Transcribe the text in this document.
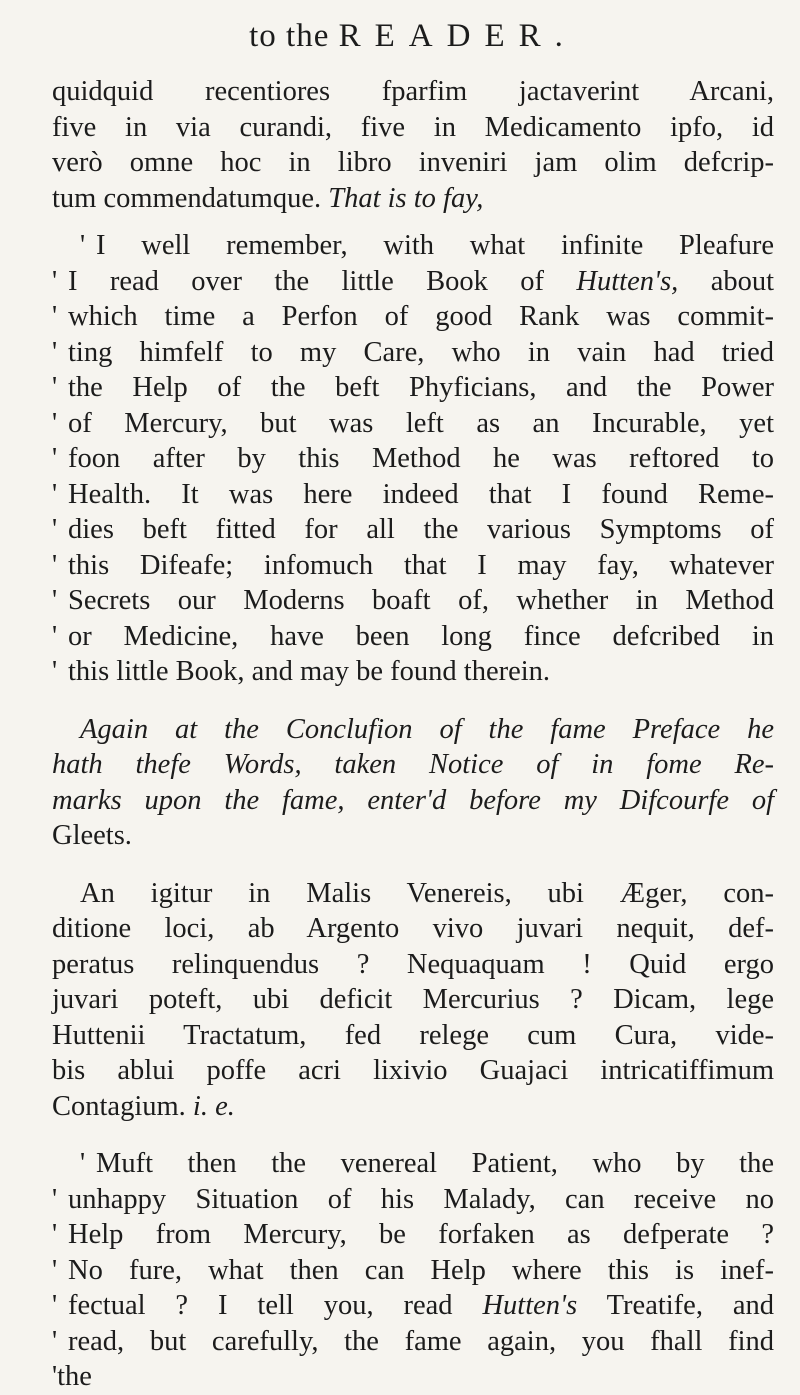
to the READER.
quidquid recentiores fparfim jactaverint Arcani,
five in via curandi, five in Medicamento ipfo, id
verò omne hoc in libro inveniri jam olim defcrip-
tum commendatumque. That is to fay,
' I well remember, with what infinite Pleafure
' I read over the little Book of Hutten's, about
' which time a Perfon of good Rank was commit-
' ting himfelf to my Care, who in vain had tried
' the Help of the beft Phyficians, and the Power
' of Mercury, but was left as an Incurable, yet
' foon after by this Method he was reftored to
' Health. It was here indeed that I found Reme-
' dies beft fitted for all the various Symptoms of
' this Difeafe; infomuch that I may fay, whatever
' Secrets our Moderns boaft of, whether in Method
' or Medicine, have been long fince defcribed in
' this little Book, and may be found therein.
Again at the Conclufion of the fame Preface he
hath thefe Words, taken Notice of in fome Re-
marks upon the fame, enter'd before my Difcourfe of
Gleets.
An igitur in Malis Venereis, ubi Æger, con-
ditione loci, ab Argento vivo juvari nequit, def-
peratus relinquendus ? Nequaquam ! Quid ergo
juvari poteft, ubi deficit Mercurius ? Dicam, lege
Huttenii Tractatum, fed relege cum Cura, vide-
bis ablui poffe acri lixivio Guajaci intricatiffimum
Contagium. i. e.
' Muft then the venereal Patient, who by the
' unhappy Situation of his Malady, can receive no
' Help from Mercury, be forfaken as defperate ?
' No fure, what then can Help where this is inef-
' fectual ? I tell you, read Hutten's Treatife, and
' read, but carefully, the fame again, you fhall find
'the
